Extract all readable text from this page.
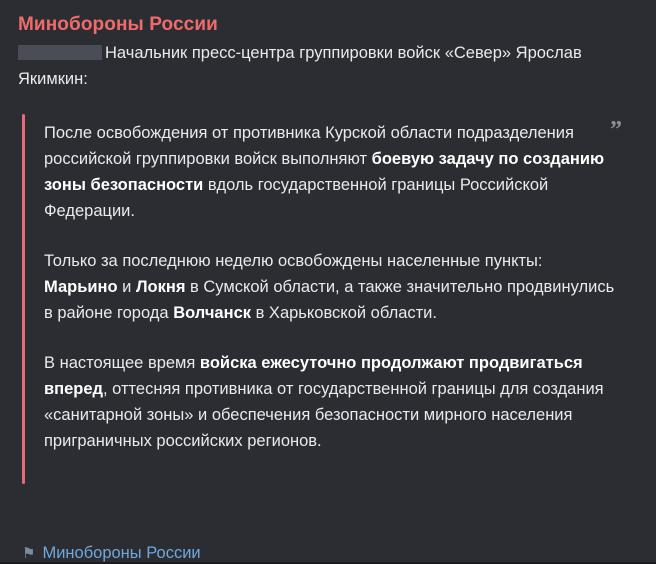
Минобороны России
Начальник пресс-центра группировки войск «Север» Ярослав Якимкин:
”
После освобождения от противника Курской области подразделения российской группировки войск выполняют боевую задачу по созданию зоны безопасности вдоль государственной границы Российской Федерации.
Только за последнюю неделю освобождены населенные пункты: Марьино и Локня в Сумской области, а также значительно продвинулись в районе города Волчанск в Харьковской области.
В настоящее время войска ежесуточно продолжают продвигаться вперед, оттесняя противника от государственной границы для создания «санитарной зоны» и обеспечения безопасности мирного населения приграничных российских регионов.
⚑ Минобороны России
